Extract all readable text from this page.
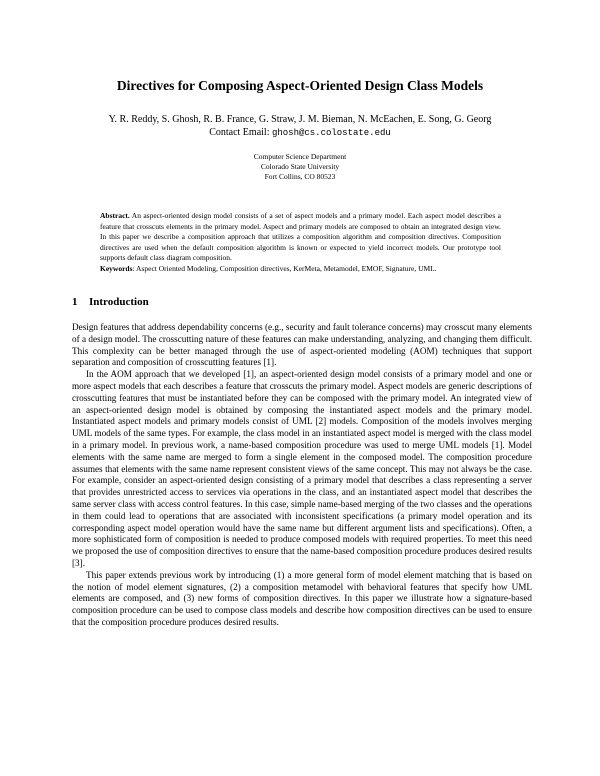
Directives for Composing Aspect-Oriented Design Class Models
Y. R. Reddy, S. Ghosh, R. B. France, G. Straw, J. M. Bieman, N. McEachen, E. Song, G. Georg
Contact Email: ghosh@cs.colostate.edu
Computer Science Department
Colorado State University
Fort Collins, CO 80523
Abstract. An aspect-oriented design model consists of a set of aspect models and a primary model. Each aspect model describes a feature that crosscuts elements in the primary model. Aspect and primary models are composed to obtain an integrated design view. In this paper we describe a composition approach that utilizes a composition algorithm and composition directives. Composition directives are used when the default composition algorithm is known or expected to yield incorrect models. Our prototype tool supports default class diagram composition.
Keywords: Aspect Oriented Modeling, Composition directives, KerMeta, Metamodel, EMOF, Signature, UML.
1 Introduction

Design features that address dependability concerns (e.g., security and fault tolerance concerns) may crosscut many elements of a design model. The crosscutting nature of these features can make understanding, analyzing, and changing them difficult. This complexity can be better managed through the use of aspect-oriented modeling (AOM) techniques that support separation and composition of crosscutting features [1].

In the AOM approach that we developed [1], an aspect-oriented design model consists of a primary model and one or more aspect models that each describes a feature that crosscuts the primary model. Aspect models are generic descriptions of crosscutting features that must be instantiated before they can be composed with the primary model. An integrated view of an aspect-oriented design model is obtained by composing the instantiated aspect models and the primary model. Instantiated aspect models and primary models consist of UML [2] models. Composition of the models involves merging UML models of the same types. For example, the class model in an instantiated aspect model is merged with the class model in a primary model. In previous work, a name-based composition procedure was used to merge UML models [1]. Model elements with the same name are merged to form a single element in the composed model. The composition procedure assumes that elements with the same name represent consistent views of the same concept. This may not always be the case. For example, consider an aspect-oriented design consisting of a primary model that describes a class representing a server that provides unrestricted access to services via operations in the class, and an instantiated aspect model that describes the same server class with access control features. In this case, simple name-based merging of the two classes and the operations in them could lead to operations that are associated with inconsistent specifications (a primary model operation and its corresponding aspect model operation would have the same name but different argument lists and specifications). Often, a more sophisticated form of composition is needed to produce composed models with required properties. To meet this need we proposed the use of composition directives to ensure that the name-based composition procedure produces desired results [3].

This paper extends previous work by introducing (1) a more general form of model element matching that is based on the notion of model element signatures, (2) a composition metamodel with behavioral features that specify how UML elements are composed, and (3) new forms of composition directives. In this paper we illustrate how a signature-based composition procedure can be used to compose class models and describe how composition directives can be used to ensure that the composition procedure produces desired results.
